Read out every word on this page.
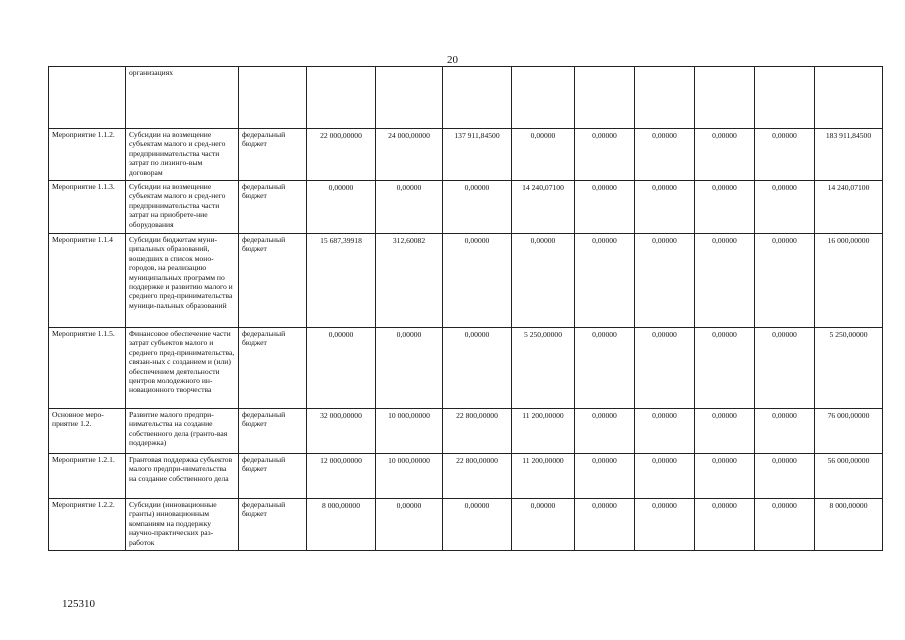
20
	организациях										
Мероприятие 1.1.2.	Субсидии на возмещение субъектам малого и сред-него предпринимательства части затрат по лизинго-вым договорам	федеральный бюджет	22 000,00000	24 000,00000	137 911,84500	0,00000	0,00000	0,00000	0,00000	0,00000	183 911,84500
Мероприятие 1.1.3.	Субсидии на возмещение субъектам малого и сред-него предпринимательства части затрат на приобрете-ние оборудования	федеральный бюджет	0,00000	0,00000	0,00000	14 240,07100	0,00000	0,00000	0,00000	0,00000	14 240,07100
Мероприятие 1.1.4	Субсидии бюджетам муни-ципальных образований, вошедших в список моно-городов, на реализацию муниципальных программ по поддержке и развитию малого и среднего пред-принимательства муници-пальных образований	федеральный бюджет	15 687,39918	312,60082	0,00000	0,00000	0,00000	0,00000	0,00000	0,00000	16 000,00000
Мероприятие 1.1.5.	Финансовое обеспечение части затрат субъектов малого и среднего пред-принимательства, связан-ных с созданием и (или) обеспечением деятельности центров молодежного ин-новационного творчества	федеральный бюджет	0,00000	0,00000	0,00000	5 250,00000	0,00000	0,00000	0,00000	0,00000	5 250,00000
Основное меро-приятие 1.2.	Развитие малого предпри-нимательства на создание собственного дела (гранто-вая поддержка)	федеральный бюджет	32 000,00000	10 000,00000	22 800,00000	11 200,00000	0,00000	0,00000	0,00000	0,00000	76 000,00000
Мероприятие 1.2.1.	Грантовая поддержка субъектов малого предпри-нимательства на создание собственного дела	федеральный бюджет	12 000,00000	10 000,00000	22 800,00000	11 200,00000	0,00000	0,00000	0,00000	0,00000	56 000,00000
Мероприятие 1.2.2.	Субсидии (инновационные гранты) инновационным компаниям на поддержку научно-практических раз-работок	федеральный бюджет	8 000,00000	0,00000	0,00000	0,00000	0,00000	0,00000	0,00000	0,00000	8 000,00000
125310
